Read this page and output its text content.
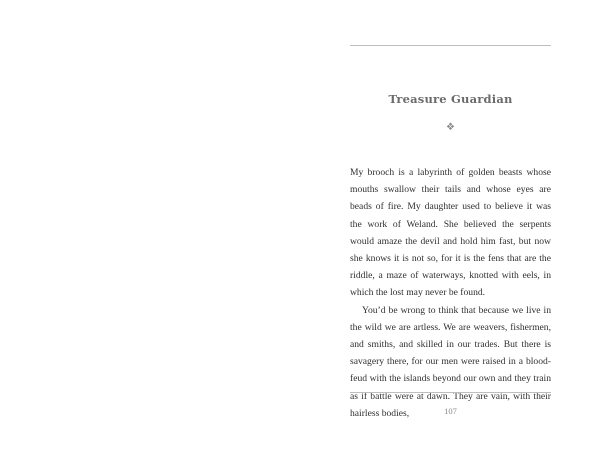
Treasure Guardian
❖

My brooch is a labyrinth of golden beasts whose mouths swallow their tails and whose eyes are beads of fire. My daughter used to believe it was the work of Weland. She believed the serpents would amaze the devil and hold him fast, but now she knows it is not so, for it is the fens that are the riddle, a maze of waterways, knotted with eels, in which the lost may never be found.

You’d be wrong to think that because we live in the wild we are artless. We are weavers, fishermen, and smiths, and skilled in our trades. But there is savagery there, for our men were raised in a blood-feud with the islands beyond our own and they train as if battle were at dawn. They are vain, with their hairless bodies,	107
